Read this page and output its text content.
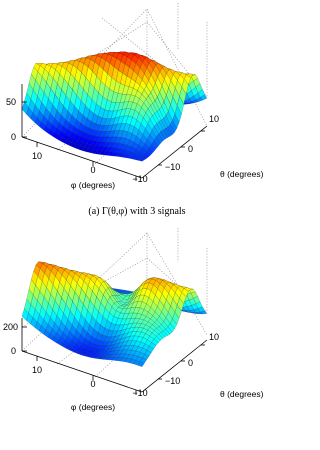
50
0
10
0
−10
−10
0
10
φ (degrees)
θ (degrees)
(a) Γ(θ,φ) with 3 signals
200
0
10
0
−10
−10
0
10
φ (degrees)
θ (degrees)
